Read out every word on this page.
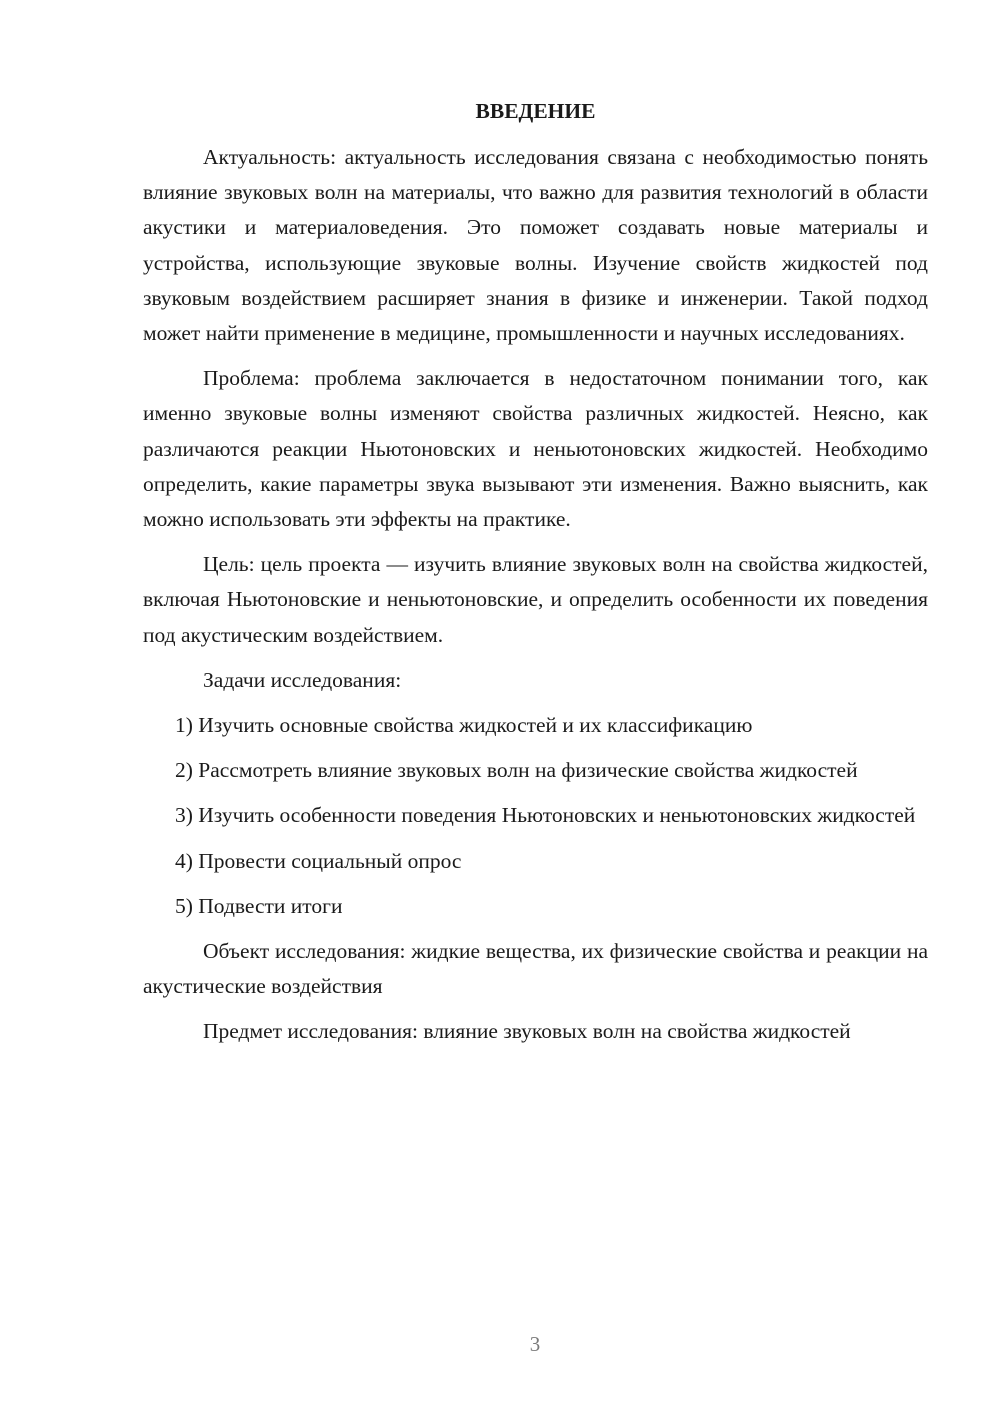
ВВЕДЕНИЕ

Актуальность: актуальность исследования связана с необходимостью понять влияние звуковых волн на материалы, что важно для развития технологий в области акустики и материаловедения. Это поможет создавать новые материалы и устройства, использующие звуковые волны. Изучение свойств жидкостей под звуковым воздействием расширяет знания в физике и инженерии. Такой подход может найти применение в медицине, промышленности и научных исследованиях.

Проблема: проблема заключается в недостаточном понимании того, как именно звуковые волны изменяют свойства различных жидкостей. Неясно, как различаются реакции Ньютоновских и неньютоновских жидкостей. Необходимо определить, какие параметры звука вызывают эти изменения. Важно выяснить, как можно использовать эти эффекты на практике.

Цель: цель проекта — изучить влияние звуковых волн на свойства жидкостей, включая Ньютоновские и неньютоновские, и определить особенности их поведения под акустическим воздействием.

Задачи исследования:

1) Изучить основные свойства жидкостей и их классификацию

2) Рассмотреть влияние звуковых волн на физические свойства жидкостей

3) Изучить особенности поведения Ньютоновских и неньютоновских жидкостей

4) Провести социальный опрос

5) Подвести итоги

Объект исследования: жидкие вещества, их физические свойства и реакции на акустические воздействия

Предмет исследования: влияние звуковых волн на свойства жидкостей

3
